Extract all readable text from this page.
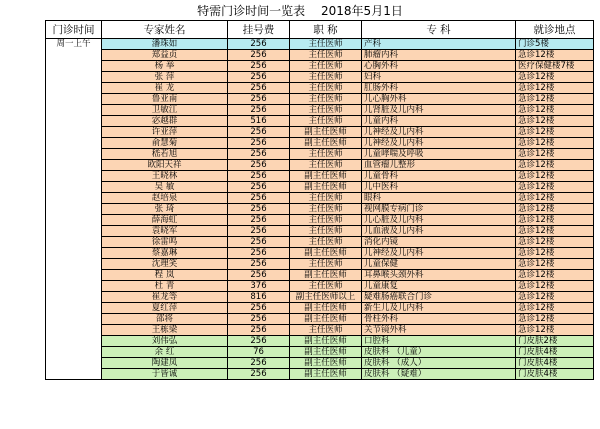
特需门诊时间一览表 2018年5月1日
门诊时间	专家姓名	挂号费	职 称	专 科	就诊地点
周一上午	潘珠如	256	主任医师	产科	门诊5楼
	郑益贞	256	主任医师	肺瘤内科	急诊12楼
	杨 举	256	主任医师	心胸外科	医疗保健楼7楼
	张 萍	256	主任医师	妇科	急诊12楼
	崔 龙	256	主任医师	肛肠外科	急诊12楼
	鲁亚南	256	主任医师	儿心胸外科	急诊12楼
	卫敏江	256	主任医师	儿肾脏及儿内科	急诊12楼
	宓越群	516	主任医师	儿童内科	急诊12楼
	许亚萍	256	副主任医师	儿神经及儿内科	急诊12楼
	俞慧菊	256	副主任医师	儿神经及儿内科	急诊12楼
	嵇若旭	256	主任医师	儿童哮喘及呼吸	急诊12楼
	欧阳天祥	256	主任医师	血管瘤儿整形	急诊12楼
	王晓林	256	副主任医师	儿童骨科	急诊12楼
	吴 敏	256	副主任医师	儿中医科	急诊12楼
	赵培泉	256	主任医师	眼科	急诊12楼
	张 琦	256	主任医师	视网膜专病门诊	急诊12楼
	薛海虹	256	主任医师	儿心脏及儿内科	急诊12楼
	袁晓军	256	主任医师	儿血液及儿内科	急诊12楼
	徐雷鸣	256	主任医师	消化内镜	急诊12楼
	蔡嘉琳	256	副主任医师	儿神经及儿内科	急诊12楼
	沈理笑	256	主任医师	儿童保健	急诊12楼
	程 岚	256	副主任医师	耳鼻喉头颈外科	急诊12楼
	杜 青	376	主任医师	儿童康复	急诊12楼
	崔龙等	816	副主任医师以上	疑难肠癌联合门诊	急诊12楼
	夏红萍	256	副主任医师	新生儿及儿内科	急诊12楼
	邵将	256	副主任医师	骨柱外科	急诊12楼
	王栋梁	256	主任医师	关节镜外科	急诊12楼
	刘伟弘	256	副主任医师	口腔科	门皮肤2楼
	余 红	76	副主任医师	皮肤科 （儿童）	门皮肤4楼
	陶建凤	256	副主任医师	皮肤科 （成人）	门皮肤4楼
	于皆诚	256	副主任医师	皮肤科 （疑难）	门皮肤4楼
